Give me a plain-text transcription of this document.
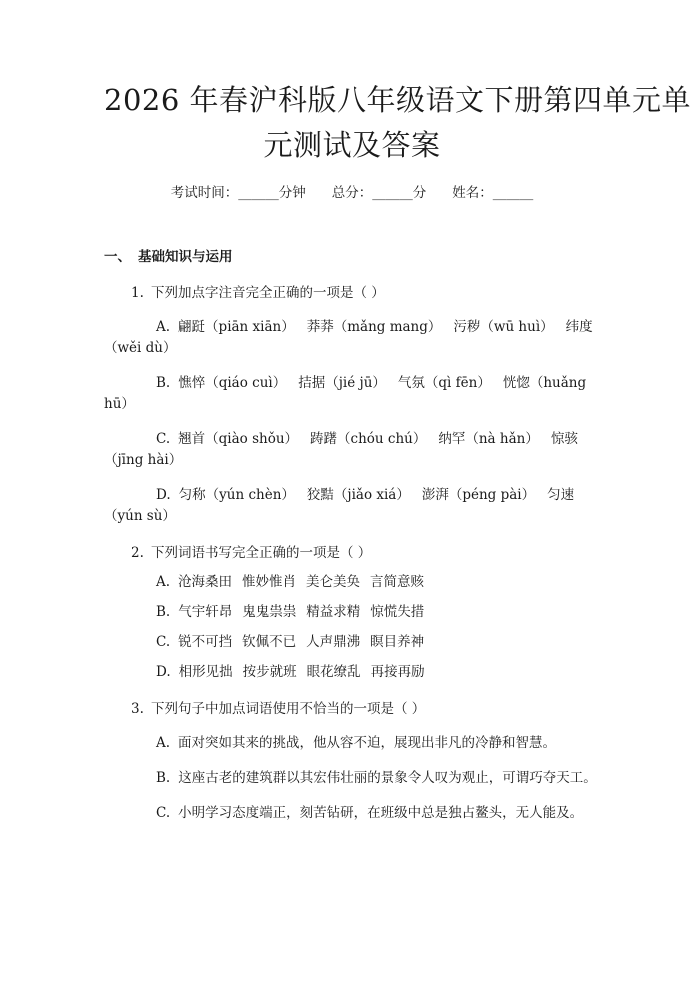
2026 年春沪科版八年级语文下册第四单元单
元测试及答案
考试时间：______分钟 总分：______分 姓名：______
一、 基础知识与运用
1. 下列加点字注音完全正确的一项是（ ）
A. 翩跹（piān xiān） 莽莽（mǎng mang） 污秽（wū huì） 纬度（wěi dù）
B. 憔悴（qiáo cuì） 拮据（jié jū） 气氛（qì fēn） 恍惚（huǎng hū）
C. 翘首（qiào shǒu） 踌躇（chóu chú） 纳罕（nà hǎn） 惊骇（jīng hài）
D. 匀称（yún chèn） 狡黠（jiǎo xiá） 澎湃（péng pài） 匀速（yún sù）
2. 下列词语书写完全正确的一项是（ ）
A. 沧海桑田 惟妙惟肖 美仑美奂 言简意赅
B. 气宇轩昂 鬼鬼祟祟 精益求精 惊慌失措
C. 锐不可挡 钦佩不已 人声鼎沸 瞑目养神
D. 相形见拙 按步就班 眼花缭乱 再接再励
3. 下列句子中加点词语使用不恰当的一项是（ ）
A. 面对突如其来的挑战，他从容不迫，展现出非凡的冷静和智慧。
B. 这座古老的建筑群以其宏伟壮丽的景象令人叹为观止，可谓巧夺天工。
C. 小明学习态度端正，刻苦钻研，在班级中总是独占鳌头，无人能及。
